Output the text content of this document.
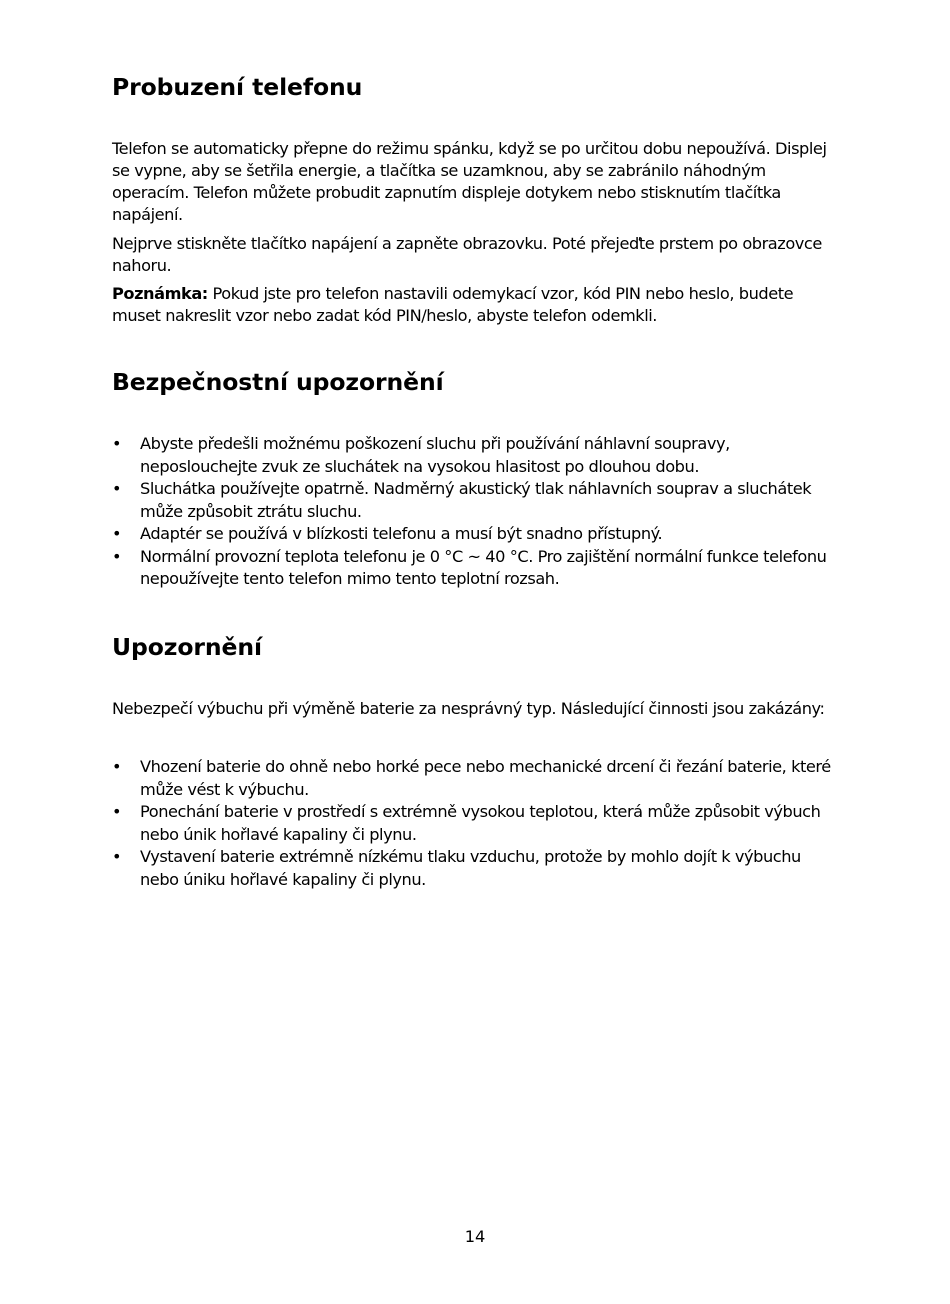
Probuzení telefonu

Telefon se automaticky přepne do režimu spánku, když se po určitou dobu nepoužívá. Displej se vypne, aby se šetřila energie, a tlačítka se uzamknou, aby se zabránilo náhodným operacím. Telefon můžete probudit zapnutím displeje dotykem nebo stisknutím tlačítka napájení.

Nejprve stiskněte tlačítko napájení a zapněte obrazovku. Poté přejeďte prstem po obrazovce nahoru.

Poznámka: Pokud jste pro telefon nastavili odemykací vzor, kód PIN nebo heslo, budete muset nakreslit vzor nebo zadat kód PIN/heslo, abyste telefon odemkli.

Bezpečnostní upozornění
• Abyste předešli možnému poškození sluchu při používání náhlavní soupravy, neposlouchejte zvuk ze sluchátek na vysokou hlasitost po dlouhou dobu.
• Sluchátka používejte opatrně. Nadměrný akustický tlak náhlavních souprav a sluchátek může způsobit ztrátu sluchu.
• Adaptér se používá v blízkosti telefonu a musí být snadno přístupný.
• Normální provozní teplota telefonu je 0 °C ~ 40 °C. Pro zajištění normální funkce telefonu nepoužívejte tento telefon mimo tento teplotní rozsah.
Upozornění

Nebezpečí výbuchu při výměně baterie za nesprávný typ. Následující činnosti jsou zakázány:

• Vhození baterie do ohně nebo horké pece nebo mechanické drcení či řezání baterie, které může vést k výbuchu.
• Ponechání baterie v prostředí s extrémně vysokou teplotou, která může způsobit výbuch nebo únik hořlavé kapaliny či plynu.
• Vystavení baterie extrémně nízkému tlaku vzduchu, protože by mohlo dojít k výbuchu nebo úniku hořlavé kapaliny či plynu.
14
